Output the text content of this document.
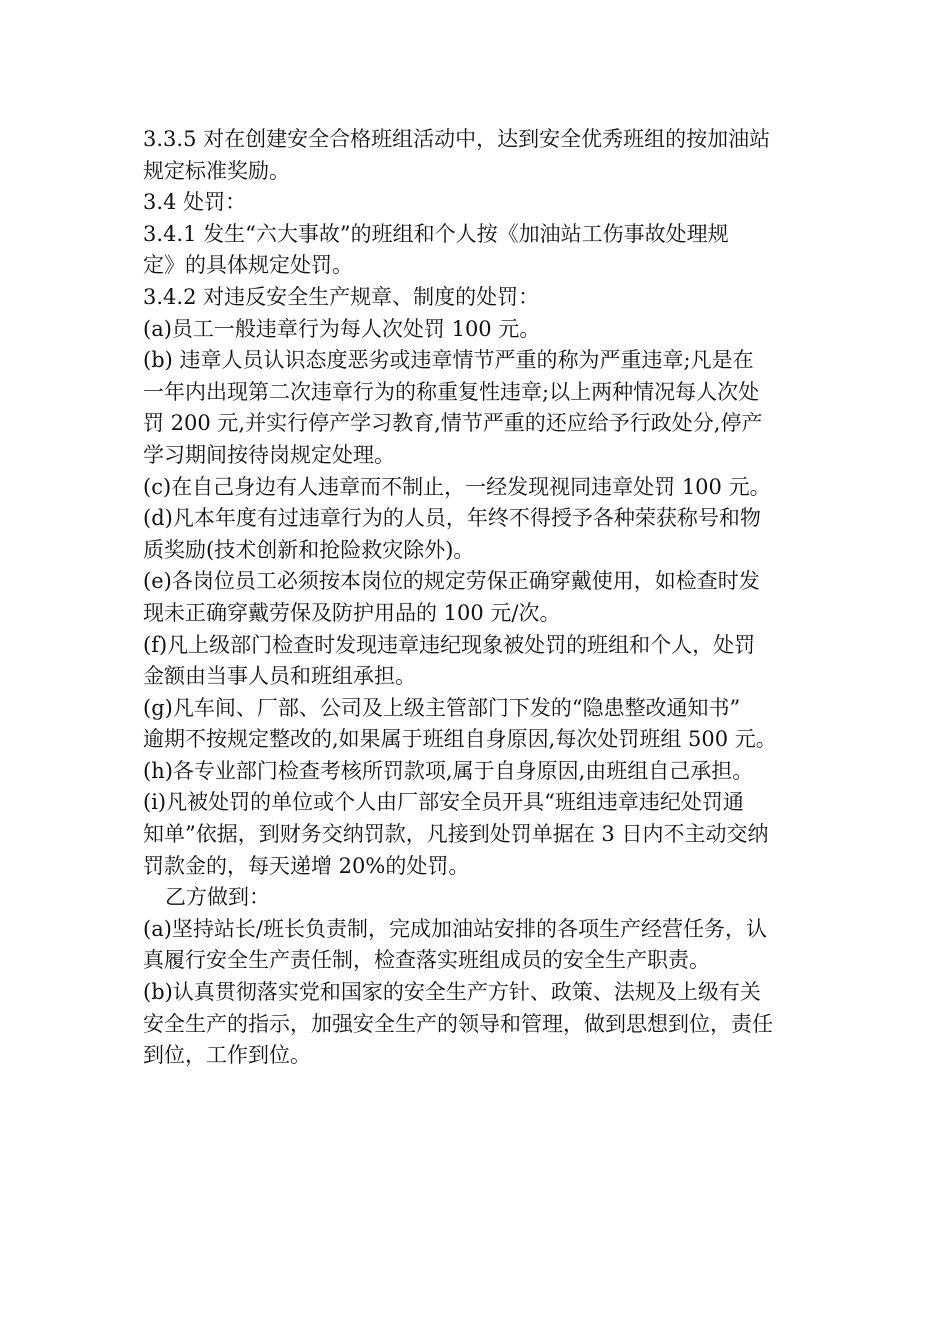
3.3.5 对在创建安全合格班组活动中，达到安全优秀班组的按加油站
规定标准奖励。
3.4 处罚：
3.4.1 发生“六大事故”的班组和个人按《加油站工伤事故处理规
定》的具体规定处罚。
3.4.2 对违反安全生产规章、制度的处罚：
(a)员工一般违章行为每人次处罚 100 元。
(b) 违章人员认识态度恶劣或违章情节严重的称为严重违章;凡是在
一年内出现第二次违章行为的称重复性违章;以上两种情况每人次处
罚 200 元,并实行停产学习教育,情节严重的还应给予行政处分,停产
学习期间按待岗规定处理。
(c)在自己身边有人违章而不制止，一经发现视同违章处罚 100 元。
(d)凡本年度有过违章行为的人员，年终不得授予各种荣获称号和物
质奖励(技术创新和抢险救灾除外)。
(e)各岗位员工必须按本岗位的规定劳保正确穿戴使用，如检查时发
现未正确穿戴劳保及防护用品的 100 元/次。
(f)凡上级部门检查时发现违章违纪现象被处罚的班组和个人，处罚
金额由当事人员和班组承担。
(g)凡车间、厂部、公司及上级主管部门下发的“隐患整改通知书”
逾期不按规定整改的,如果属于班组自身原因,每次处罚班组 500 元。
(h)各专业部门检查考核所罚款项,属于自身原因,由班组自己承担。
(i)凡被处罚的单位或个人由厂部安全员开具“班组违章违纪处罚通
知单”依据，到财务交纳罚款，凡接到处罚单据在 3 日内不主动交纳
罚款金的，每天递增 20%的处罚。
乙方做到：
(a)坚持站长/班长负责制，完成加油站安排的各项生产经营任务，认
真履行安全生产责任制，检查落实班组成员的安全生产职责。
(b)认真贯彻落实党和国家的安全生产方针、政策、法规及上级有关
安全生产的指示，加强安全生产的领导和管理，做到思想到位，责任
到位，工作到位。
